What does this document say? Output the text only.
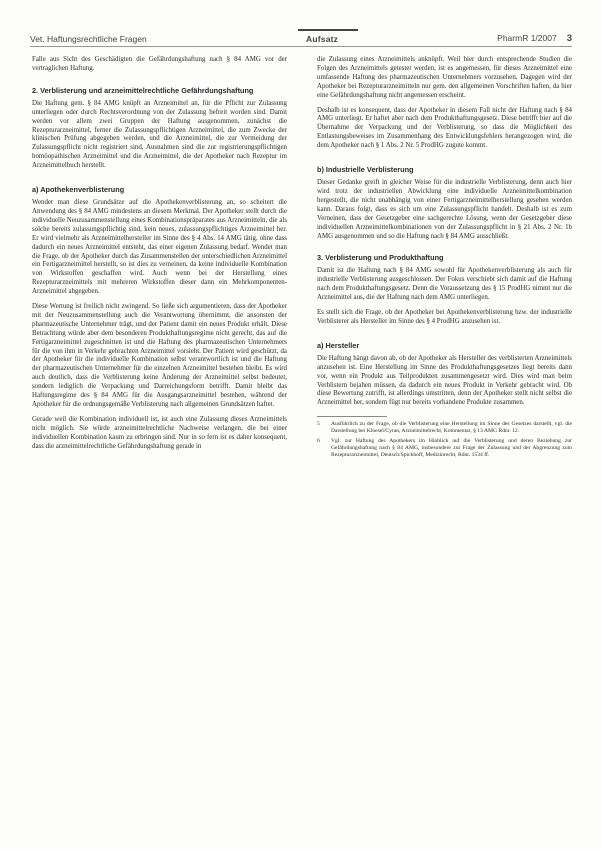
Vet. Haftungsrechtliche Fragen	Aufsatz	PharmR 1/2007 3

Falle aus Sicht des Geschädigten die Gefährdungshaftung nach § 84 AMG vor der vertraglichen Haftung.

2. Verblisterung und arzneimittelrechtliche Gefährdungshaftung

Die Haftung gem. § 84 AMG knüpft an Arzneimittel an, für die Pflicht zur Zulassung unterliegen oder durch Rechtsverordnung von der Zulassung befreit worden sind. Damit werden vor allem zwei Gruppen der Haftung ausgenommen, zunächst die Rezepturarzneimittel, ferner die Zulassungspflichtigen Arzneimittel, die zum Zwecke der klinischen Prüfung abgegeben werden, und die Arzneimittel, die zur Vermeidung der Zulassungspflicht nicht registriert sind, Ausnahmen sind die zur registrierungspflichtigen homöopathischen Arzneimittel und die Arzneimittel, die der Apotheker nach Rezeptur im Arzneimittelbuch herstellt.

a) Apothekenverblisterung

Wendet man diese Grundsätze auf die Apothekenverblisterung an, so scheitert die Anwendung des § 84 AMG mindestens an diesem Merkmal. Der Apotheker stellt durch die individuelle Neuzusammenstellung eines Kombinationspräparates aus Arzneimitteln, die als solche bereits zulassungspflichtig sind, kein neues, zulassungspflichtiges Arzneimittel her. Er wird vielmehr als Arzneimittelhersteller im Sinne des § 4 Abs. 14 AMG tätig, ohne dass dadurch ein neues Arzneimittel entsteht, das einer eigenen Zulassung bedarf. Wendet man die Frage, ob der Apotheker durch das Zusammenstellen der unterschiedlichen Arzneimittel ein Fertigarzneimittel herstellt, so ist dies zu verneinen, da keine individuelle Kombination von Wirkstoffen geschaffen wird. Auch wenn bei der Herstellung eines Rezepturarzneimittels mit mehreren Wirkstoffen dieser dann ein Mehrkomponenten-Arzneimittel abgegeben.

Diese Wertung ist freilich nicht zwingend. So ließe sich argumentieren, dass der Apotheker mit der Neuzusammenstellung auch die Verantwortung übernimmt, die ansonsten der pharmazeutische Unternehmer trägt, und der Patient damit ein neues Produkt erhält. Diese Betrachtung würde aber dem besonderen Produkthaftungsregime nicht gerecht, das auf die Fertigarzneimittel zugeschnitten ist und die Haftung des pharmazeutischen Unternehmers für die von ihm in Verkehr gebrachten Arzneimittel vorsieht. Der Patient wird geschützt, da der Apotheker für die individuelle Kombination selbst verantwortlich ist und die Haftung der pharmazeutischen Unternehmer für die einzelnen Arzneimittel bestehen bleibt. Es wird auch deutlich, dass die Verblisterung keine Änderung der Arzneimittel selbst bedeutet, sondern lediglich die Verpackung und Darreichungsform betrifft. Damit bleibt das Haftungsregime des § 84 AMG für die Ausgangsarzneimittel bestehen, während der Apotheker für die ordnungsgemäße Verblisterung nach allgemeinen Grundsätzen haftet.

Gerade weil die Kombination individuell ist, ist auch eine Zulassung dieses Arzneimittels nicht möglich. Sie würde arzneimittelrechtliche Nachweise verlangen, die bei einer individuellen Kombination kaum zu erbringen sind. Nur in so fern ist es daher konsequent, dass die arzneimittelrechtliche Gefährdungshaftung gerade in

die Zulassung eines Arzneimittels anknüpft. Weil hier durch entsprechende Studien die Folgen des Arzneimittels getestet werden, ist es angemessen, für dieses Arzneimittel eine umfassende Haftung des pharmazeutischen Unternehmers vorzusehen. Dagegen wird der Apotheker bei Rezepturarzneimitteln nur gem. den allgemeinen Vorschriften haften, da hier eine Gefährdungshaftung nicht angemessen erscheint.

Deshalb ist es konsequent, dass der Apotheker in diesem Fall nicht der Haftung nach § 84 AMG unterliegt. Er haftet aber nach dem Produkthaftungsgesetz. Diese betrifft hier auf die Übernahme der Verpackung und der Verblisterung, so dass die Möglichkeit des Entlastungsbeweises im Zusammenhang des Entwicklungsfehlers herangezogen wird, die dem Apotheker nach § 1 Abs. 2 Nr. 5 ProdHG zugute kommt.

b) Industrielle Verblisterung

Dieser Gedanke greift in gleicher Weise für die industrielle Verblisterung, denn auch hier wird trotz der industriellen Abwicklung eine individuelle Arzneimittelkombination hergestellt, die nicht unabhängig von einer Fertigarzneimittelherstellung gesehen werden kann. Daraus folgt, dass es sich um eine Zulassungspflicht handelt. Deshalb ist es zum Verneinen, dass der Gesetzgeber eine sachgerechte Lösung, wenn der Gesetzgeber diese individuellen Arzneimittelkombinationen von der Zulassungspflicht in § 21 Abs. 2 Nr. 1b AMG ausgenommen und so die Haftung nach § 84 AMG ausschließt.

3. Verblisterung und Produkthaftung

Damit ist die Haftung nach § 84 AMG sowohl für Apothekenverblisterung als auch für industrielle Verblisterung ausgeschlossen. Der Fokus verschiebt sich damit auf die Haftung nach dem Produkthaftungsgesetz. Denn die Voraussetzung des § 15 ProdHG nimmt nur die Arzneimittel aus, die der Haftung nach dem AMG unterliegen.

Es stellt sich die Frage, ob der Apotheker bei Apothekenverblisterung bzw. der industrielle Verblisterer als Hersteller im Sinne des § 4 ProdHG anzusehen ist.

a) Hersteller

Die Haftung hängt davon ab, ob der Apotheker als Hersteller des verblisterten Arzneimittels anzusehen ist. Eine Herstellung im Sinne des Produkthaftungsgesetzes liegt bereits dann vor, wenn ein Produkt aus Teilprodukten zusammengesetzt wird. Dies wird man beim Verblistern bejahen müssen, da dadurch ein neues Produkt in Verkehr gebracht wird. Ob diese Bewertung zutrifft, ist allerdings umstritten, denn der Apotheker stellt nicht selbst die Arzneimittel her, sondern fügt nur bereits vorhandene Produkte zusammen.

5	Ausführlich zu der Frage, ob die Verblisterung eine Herstellung im Sinne des Gesetzes darstellt, vgl. die Darstellung bei Kloesel/Cyran, Arzneimittelrecht, Kommentar, § 13 AMG Rdnr. 12.
6	Vgl. zur Haftung des Apothekers im Hinblick auf die Verblisterung und deren Beziehung zur Gefährdungshaftung nach § 84 AMG, insbesondere zur Frage der Zulassung und der Abgrenzung zum Rezepturarzneimittel, Deutsch/Spickhoff, Medizinrecht, Rdnr. 1534 ff.
